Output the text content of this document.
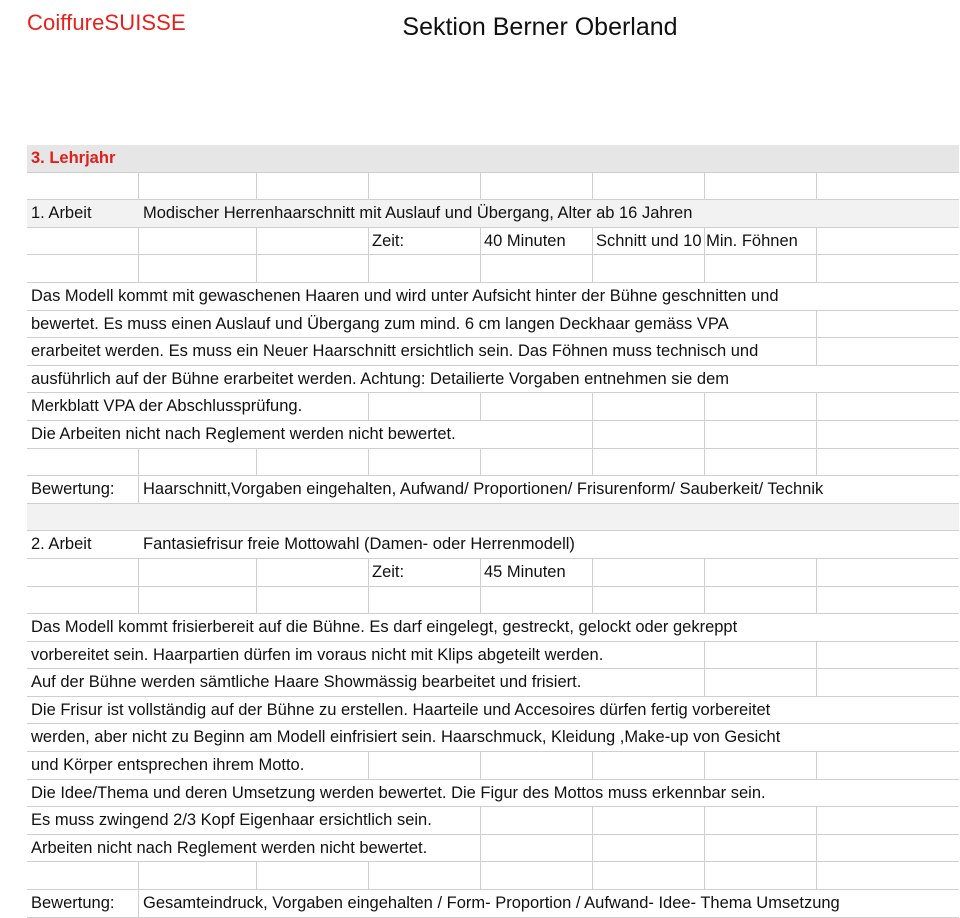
CoiffureSUISSE	Sektion Berner Oberland
3. Lehrjahr
1. Arbeit	Modischer Herrenhaarschnitt mit Auslauf und Übergang, Alter ab 16 Jahren
Zeit:	40 Minuten Schnitt und 10 Min. Föhnen
Das Modell kommt mit gewaschenen Haaren und wird unter Aufsicht hinter der Bühne geschnitten und
bewertet. Es muss einen Auslauf und Übergang zum mind. 6 cm langen Deckhaar gemäss VPA
erarbeitet werden. Es muss ein Neuer Haarschnitt ersichtlich sein. Das Föhnen muss technisch und
ausführlich auf der Bühne erarbeitet werden. Achtung: Detailierte Vorgaben entnehmen sie dem
Merkblatt VPA der Abschlussprüfung.
Die Arbeiten nicht nach Reglement werden nicht bewertet.
Bewertung: Haarschnitt,Vorgaben eingehalten, Aufwand/ Proportionen/ Frisurenform/ Sauberkeit/ Technik
2. Arbeit	Fantasiefrisur freie Mottowahl (Damen- oder Herrenmodell)
Zeit:	45 Minuten
Das Modell kommt frisierbereit auf die Bühne. Es darf eingelegt, gestreckt, gelockt oder gekreppt
vorbereitet sein. Haarpartien dürfen im voraus nicht mit Klips abgeteilt werden.
Auf der Bühne werden sämtliche Haare Showmässig bearbeitet und frisiert.
Die Frisur ist vollständig auf der Bühne zu erstellen. Haarteile und Accesoires dürfen fertig vorbereitet
werden, aber nicht zu Beginn am Modell einfrisiert sein. Haarschmuck, Kleidung ,Make-up von Gesicht
und Körper entsprechen ihrem Motto.
Die Idee/Thema und deren Umsetzung werden bewertet. Die Figur des Mottos muss erkennbar sein.
Es muss zwingend 2/3 Kopf Eigenhaar ersichtlich sein.
Arbeiten nicht nach Reglement werden nicht bewertet.
Bewertung: Gesamteindruck, Vorgaben eingehalten / Form- Proportion / Aufwand- Idee- Thema Umsetzung
